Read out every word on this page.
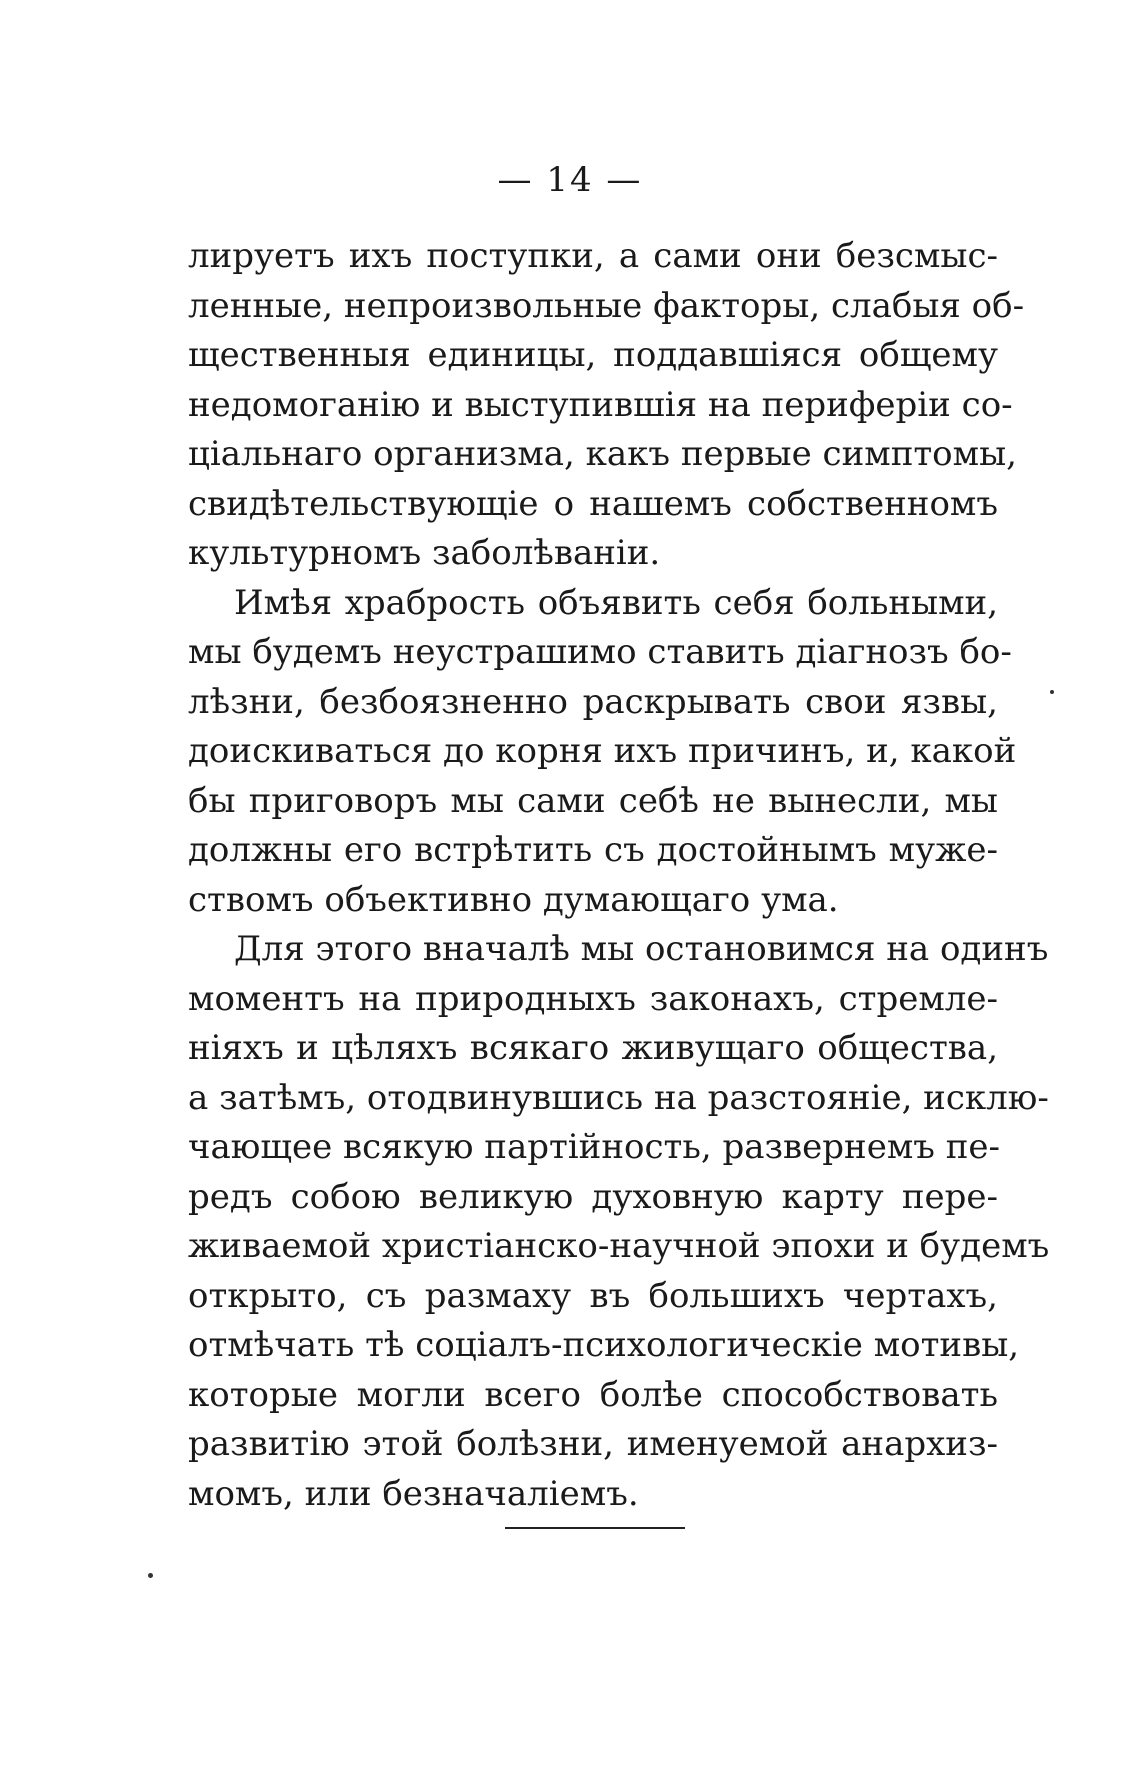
— 14 —
лируетъ ихъ поступки, а сами они безсмыс-
ленные, непроизвольные факторы, слабыя об-
щественныя единицы, поддавшіяся общему
недомоганію и выступившія на периферіи со-
ціальнаго организма, какъ первые симптомы,
свидѣтельствующіе о нашемъ собственномъ
культурномъ заболѣваніи.
Имѣя храбрость объявить себя больными,
мы будемъ неустрашимо ставить діагнозъ бо-
лѣзни, безбоязненно раскрывать свои язвы,
доискиваться до корня ихъ причинъ, и, какой
бы приговоръ мы сами себѣ не вынесли, мы
должны его встрѣтить съ достойнымъ муже-
ствомъ объективно думающаго ума.
Для этого вначалѣ мы остановимся на одинъ
моментъ на природныхъ законахъ, стремле-
ніяхъ и цѣляхъ всякаго живущаго общества,
а затѣмъ, отодвинувшись на разстояніе, исклю-
чающее всякую партійность, развернемъ пе-
редъ собою великую духовную карту пере-
живаемой христіанско-научной эпохи и будемъ
открыто, съ размаху въ большихъ чертахъ,
отмѣчать тѣ соціалъ-психологическіе мотивы,
которые могли всего болѣе способствовать
развитію этой болѣзни, именуемой анархиз-
момъ, или безначаліемъ.
